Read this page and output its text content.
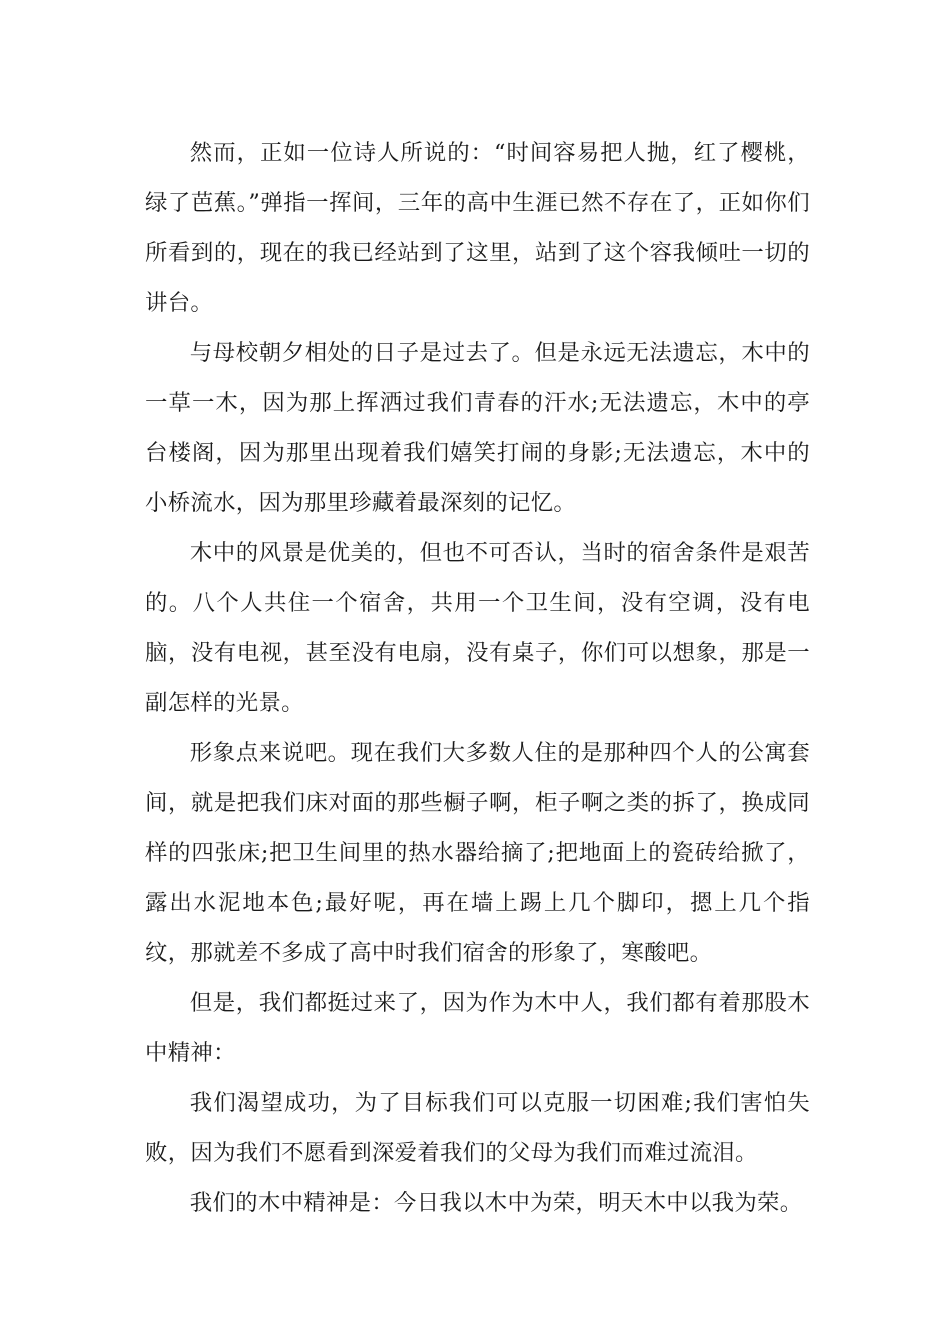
然而，正如一位诗人所说的：“时间容易把人抛，红了樱桃，绿了芭蕉。”弹指一挥间，三年的高中生涯已然不存在了，正如你们所看到的，现在的我已经站到了这里，站到了这个容我倾吐一切的讲台。

与母校朝夕相处的日子是过去了。但是永远无法遗忘，木中的一草一木，因为那上挥洒过我们青春的汗水;无法遗忘，木中的亭台楼阁，因为那里出现着我们嬉笑打闹的身影;无法遗忘，木中的小桥流水，因为那里珍藏着最深刻的记忆。

木中的风景是优美的，但也不可否认，当时的宿舍条件是艰苦的。八个人共住一个宿舍，共用一个卫生间，没有空调，没有电脑，没有电视，甚至没有电扇，没有桌子，你们可以想象，那是一副怎样的光景。

形象点来说吧。现在我们大多数人住的是那种四个人的公寓套间，就是把我们床对面的那些橱子啊，柜子啊之类的拆了，换成同样的四张床;把卫生间里的热水器给摘了;把地面上的瓷砖给掀了，露出水泥地本色;最好呢，再在墙上踢上几个脚印，摁上几个指纹，那就差不多成了高中时我们宿舍的形象了，寒酸吧。

但是，我们都挺过来了，因为作为木中人，我们都有着那股木中精神：

我们渴望成功，为了目标我们可以克服一切困难;我们害怕失败，因为我们不愿看到深爱着我们的父母为我们而难过流泪。

我们的木中精神是：今日我以木中为荣，明天木中以我为荣。
